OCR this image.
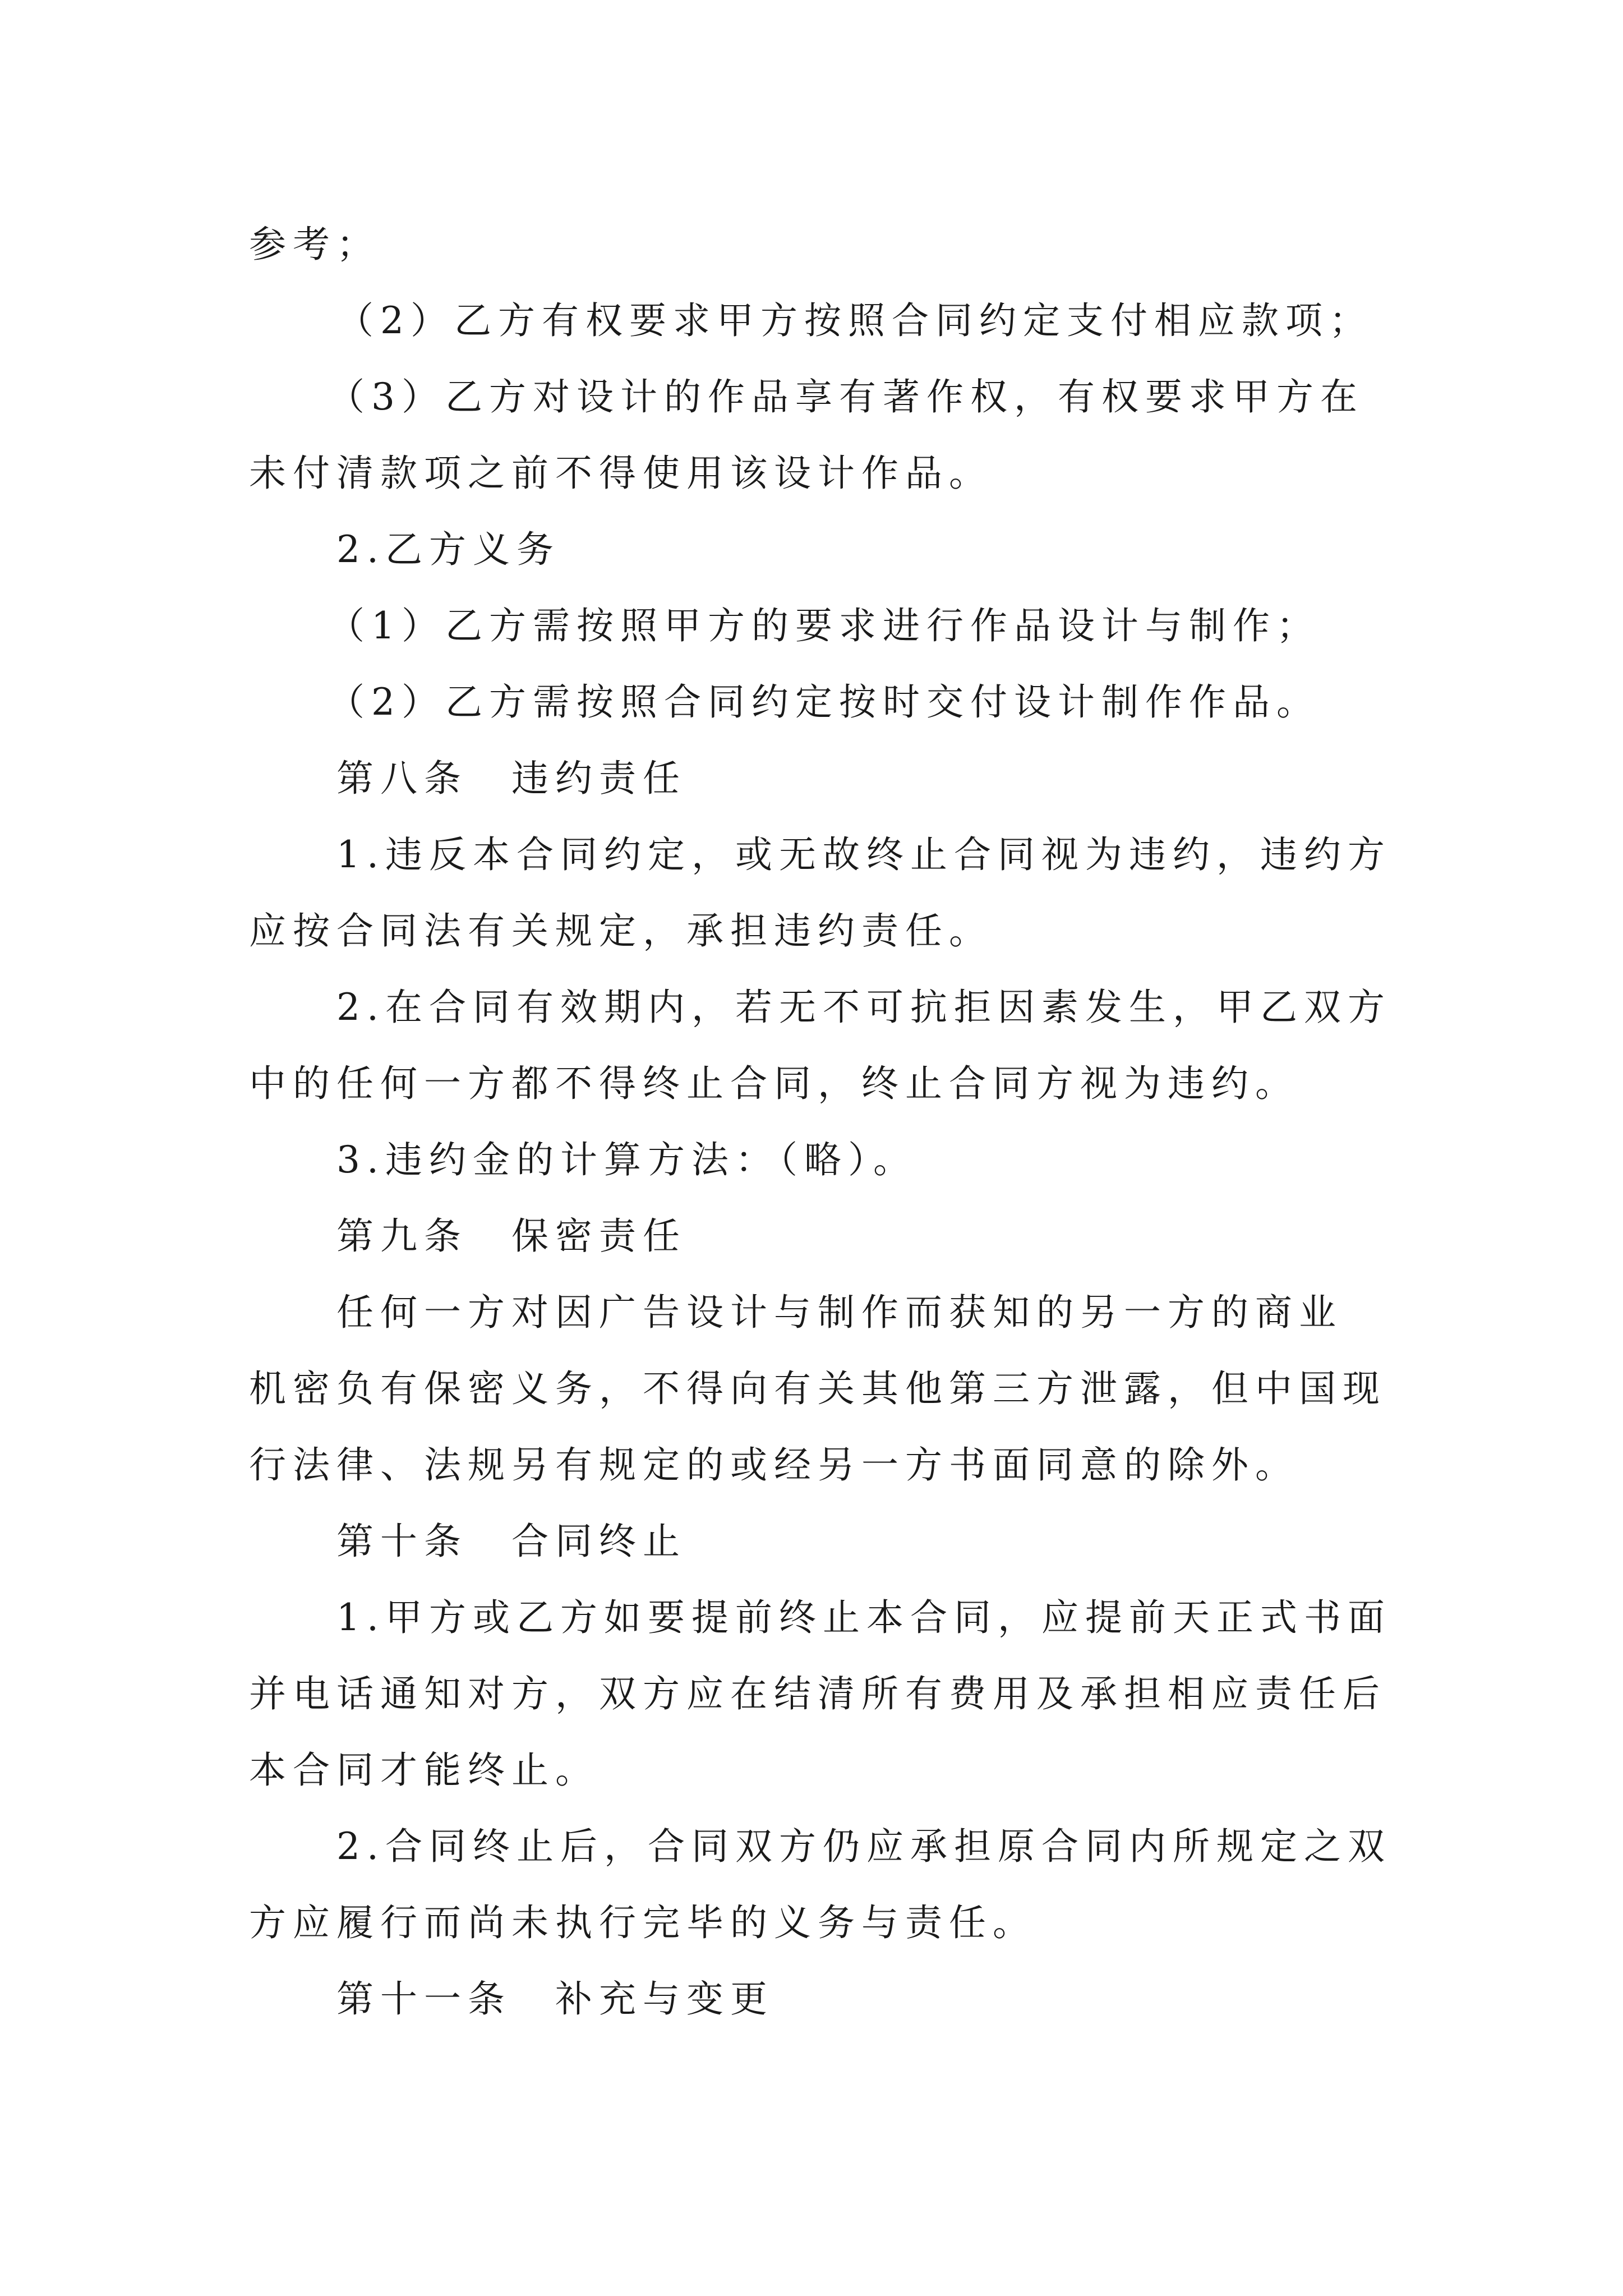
参考；
（2）乙方有权要求甲方按照合同约定支付相应款项；
（3）乙方对设计的作品享有著作权，有权要求甲方在
未付清款项之前不得使用该设计作品。
2.乙方义务
（1）乙方需按照甲方的要求进行作品设计与制作；
（2）乙方需按照合同约定按时交付设计制作作品。
第八条　违约责任
1.违反本合同约定，或无故终止合同视为违约，违约方
应按合同法有关规定，承担违约责任。
2.在合同有效期内，若无不可抗拒因素发生，甲乙双方
中的任何一方都不得终止合同，终止合同方视为违约。
3.违约金的计算方法：（略）。
第九条　保密责任
任何一方对因广告设计与制作而获知的另一方的商业
机密负有保密义务，不得向有关其他第三方泄露，但中国现
行法律、法规另有规定的或经另一方书面同意的除外。
第十条　合同终止
1.甲方或乙方如要提前终止本合同，应提前天正式书面
并电话通知对方，双方应在结清所有费用及承担相应责任后
本合同才能终止。
2.合同终止后，合同双方仍应承担原合同内所规定之双
方应履行而尚未执行完毕的义务与责任。
第十一条　补充与变更
